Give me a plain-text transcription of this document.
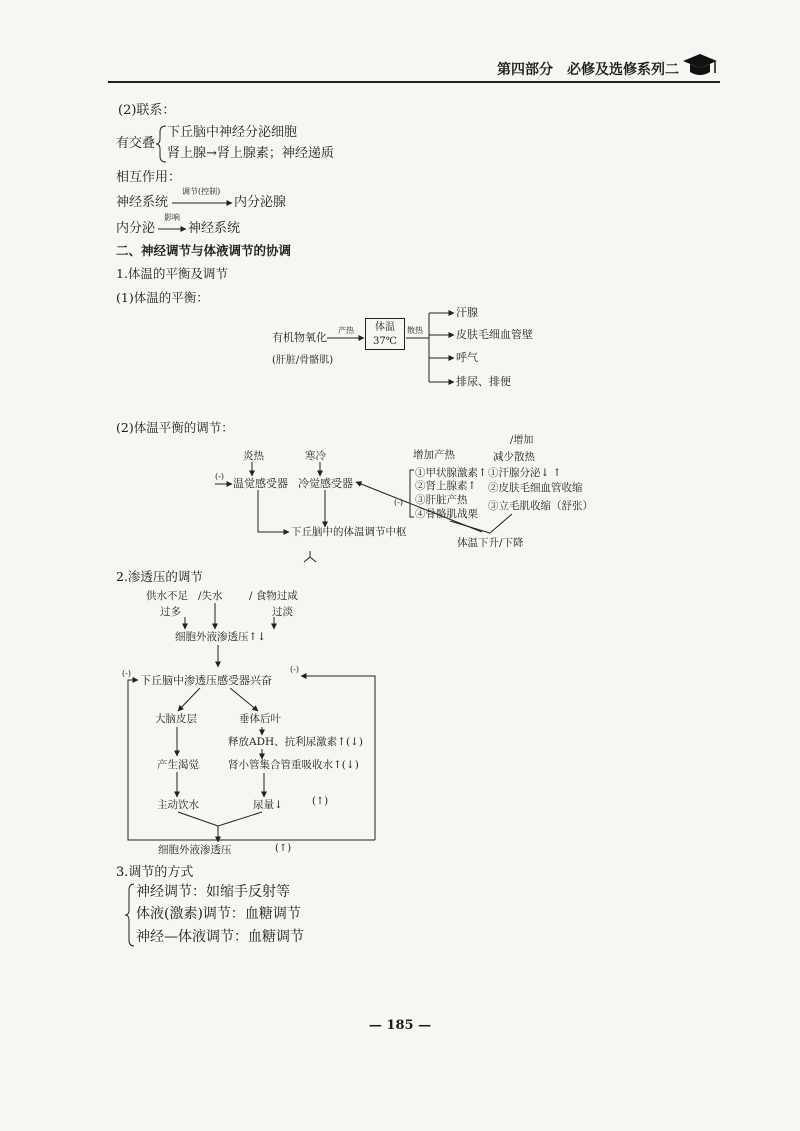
第四部分　必修及选修系列二
(2)联系：
有交叠
下丘脑中神经分泌细胞
肾上腺→肾上腺素；神经递质
相互作用：
神经系统
调节(控制)
内分泌腺
内分泌
影响
神经系统
二、神经调节与体液调节的协调
1.体温的平衡及调节
(1)体温的平衡：
有机物氧化
(肝脏/骨骼肌)
产热	体温
37℃
散热
汗腺
皮肤毛细血管壁
呼气
排尿、排便
(2)体温平衡的调节：
炎热	寒冷
(-)
温觉感受器 冷觉感受器
下丘脑中的体温调节中枢
增加产热
/增加
减少散热
①甲状腺激素↑
②肾上腺素↑
③肝脏产热
④骨骼肌战栗
①汗腺分泌↓ ↑
②皮肤毛细血管收缩
③立毛肌收缩（舒张）
(-)
体温下升/下降
2.渗透压的调节
供水不足
过多
/失水	/ 食物过咸
过淡
细胞外液渗透压↑↓
(-)
下丘脑中渗透压感受器兴奋
(-)
大脑皮层	垂体后叶
释放ADH、抗利尿激素↑(↓)
产生渴觉	肾小管集合管重吸收水↑(↓)
主动饮水	尿量↓	(↑)
细胞外液渗透压	(↑)
3.调节的方式
神经调节：如缩手反射等
体液(激素)调节：血糖调节
神经—体液调节：血糖调节
— 185 —
